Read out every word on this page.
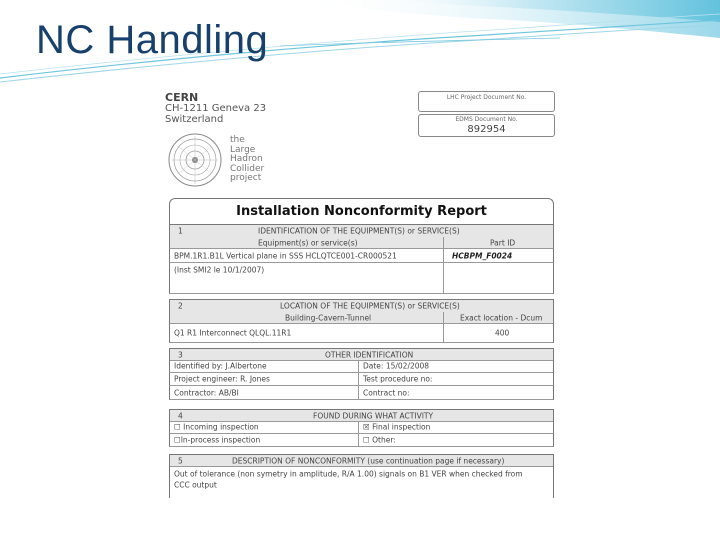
NC Handling
CERN
CH-1211 Geneva 23
Switzerland
the
Large
Hadron
Collider
project
LHC Project Document No.
EDMS Document No.
892954
Installation Nonconformity Report
1	IDENTIFICATION OF THE EQUIPMENT(S) or SERVICE(S)
Equipment(s) or service(s)	Part ID
BPM.1R1.B1L Vertical plane in SSS HCLQTCE001-CR000521	HCBPM_F0024
(Inst SMI2 le 10/1/2007)
2	LOCATION OF THE EQUIPMENT(S) or SERVICE(S)
Building-Cavern-Tunnel	Exact location - Dcum
Q1 R1 Interconnect QLQL.11R1	400
3	OTHER IDENTIFICATION
Identified by: J.Albertone	Date: 15/02/2008
Project engineer: R. Jones	Test procedure no:
Contractor: AB/BI	Contract no:
4	FOUND DURING WHAT ACTIVITY
☐ Incoming inspection	☒ Final inspection
☐In-process inspection	☐ Other:
5	DESCRIPTION OF NONCONFORMITY (use continuation page if necessary)
Out of tolerance (non symetry in amplitude, R/A 1.00) signals on B1 VER when checked from
CCC output
